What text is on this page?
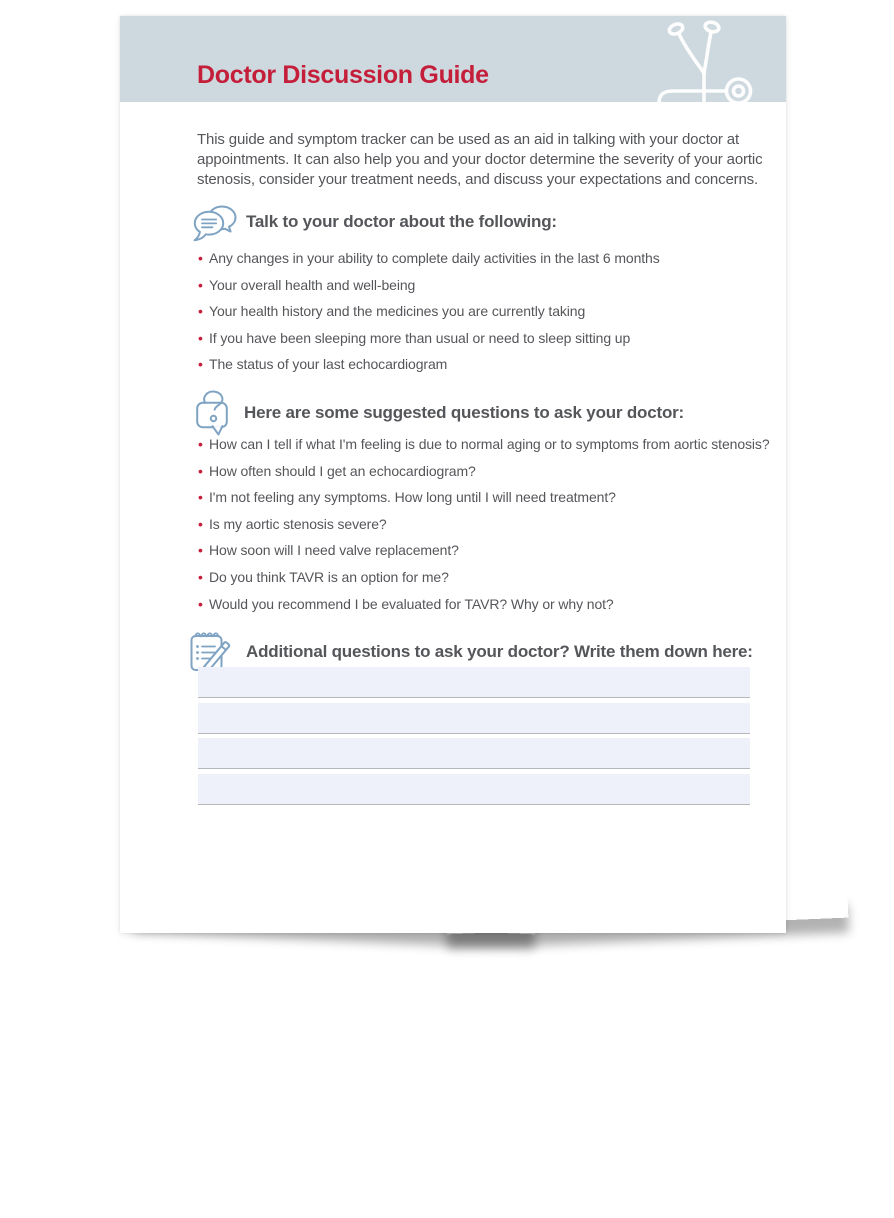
Doctor Discussion Guide

This guide and symptom tracker can be used as an aid in talking with your doctor at appointments. It can also help you and your doctor determine the severity of your aortic stenosis, consider your treatment needs, and discuss your expectations and concerns.

Talk to your doctor about the following:
• Any changes in your ability to complete daily activities in the last 6 months
• Your overall health and well-being
• Your health history and the medicines you are currently taking
• If you have been sleeping more than usual or need to sleep sitting up
• The status of your last echocardiogram
Here are some suggested questions to ask your doctor:
• How can I tell if what I'm feeling is due to normal aging or to symptoms from aortic stenosis?
• How often should I get an echocardiogram?
• I'm not feeling any symptoms. How long until I will need treatment?
• Is my aortic stenosis severe?
• How soon will I need valve replacement?
• Do you think TAVR is an option for me?
• Would you recommend I be evaluated for TAVR? Why or why not?
Additional questions to ask your doctor? Write them down here:
